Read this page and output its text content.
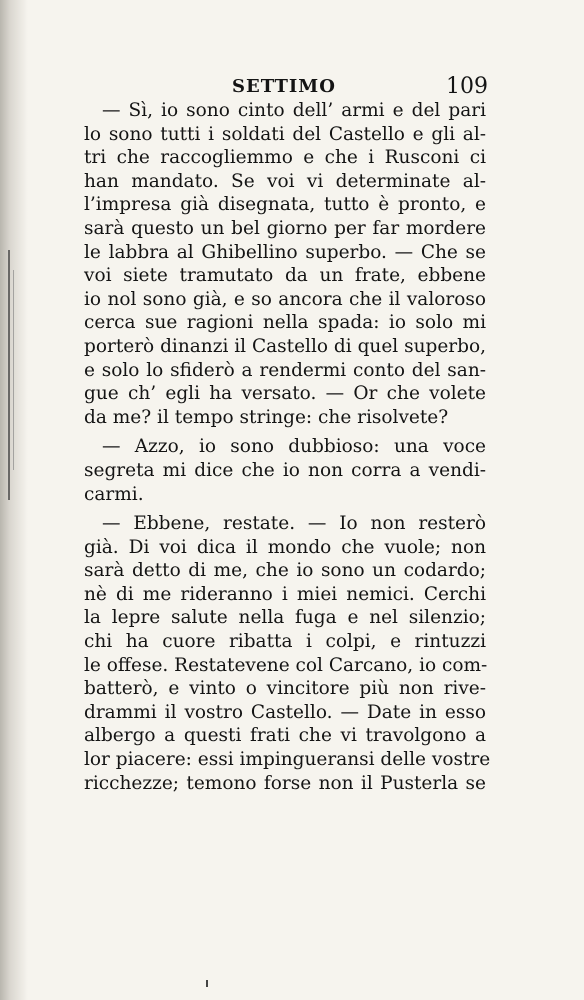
SETTIMO	109
— Sì, io sono cinto dell’ armi e del pari
lo sono tutti i soldati del Castello e gli al-
tri che raccogliemmo e che i Rusconi ci
han mandato. Se voi vi determinate al-
l’impresa già disegnata, tutto è pronto, e
sarà questo un bel giorno per far mordere
le labbra al Ghibellino superbo. — Che se
voi siete tramutato da un frate, ebbene
io nol sono già, e so ancora che il valoroso
cerca sue ragioni nella spada: io solo mi
porterò dinanzi il Castello di quel superbo,
e solo lo sfiderò a rendermi conto del san-
gue ch’ egli ha versato. — Or che volete
da me? il tempo stringe: che risolvete?
— Azzo, io sono dubbioso: una voce
segreta mi dice che io non corra a vendi-
carmi.
— Ebbene, restate. — Io non resterò
già. Di voi dica il mondo che vuole; non
sarà detto di me, che io sono un codardo;
nè di me rideranno i miei nemici. Cerchi
la lepre salute nella fuga e nel silenzio;
chi ha cuore ribatta i colpi, e rintuzzi
le offese. Restatevene col Carcano, io com-
batterò, e vinto o vincitore più non rive-
drammi il vostro Castello. — Date in esso
albergo a questi frati che vi travolgono a
lor piacere: essi impingueransi delle vostre
ricchezze; temono forse non il Pusterla se
